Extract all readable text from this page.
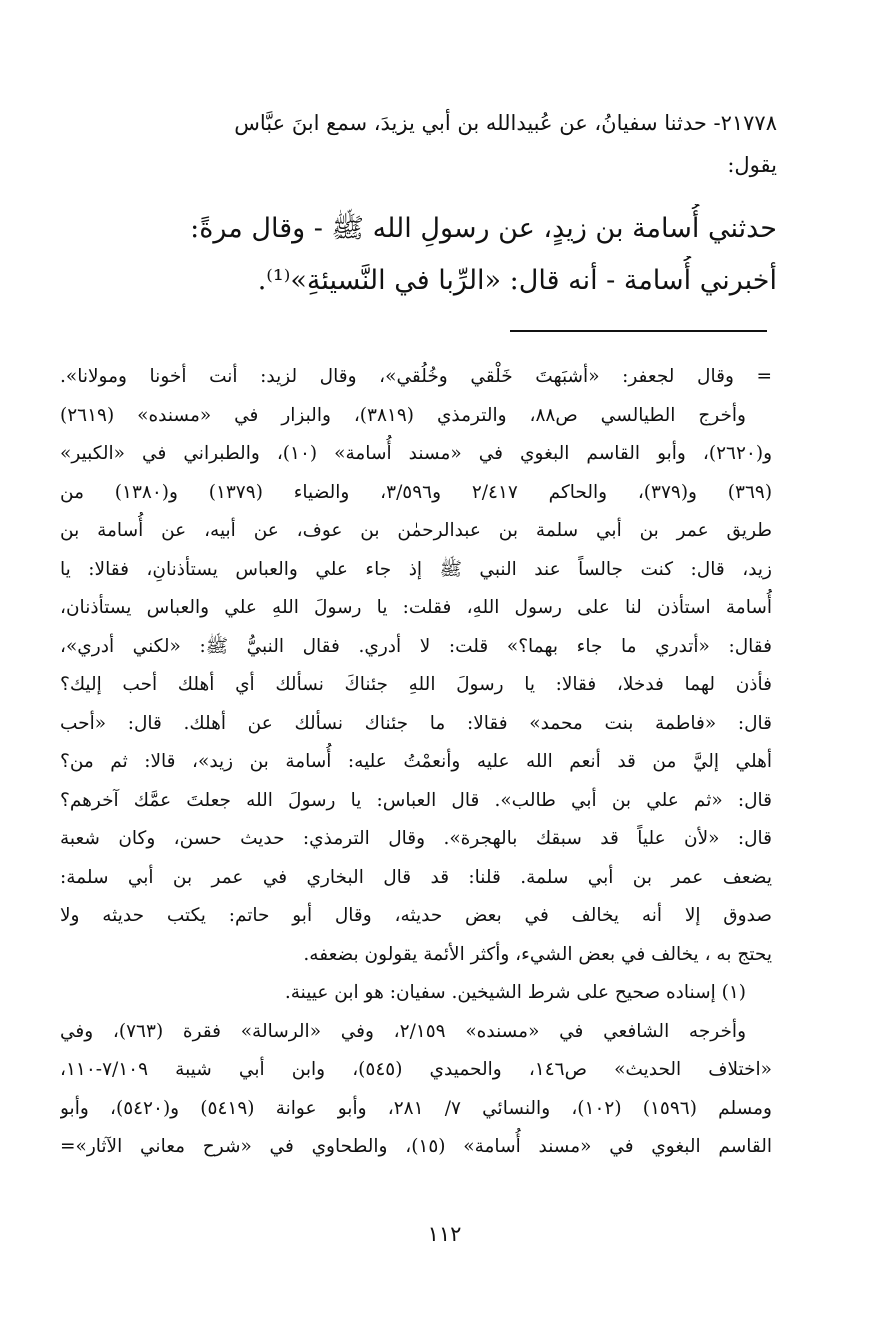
٢١٧٧٨- حدثنا سفيانُ، عن عُبيدالله بن أبي يزيدَ، سمع ابنَ عبَّاس
يقول:
حدثني أُسامة بن زيدٍ، عن رسولِ الله ﷺ - وقال مرةً:
أخبرني أُسامة - أنه قال: «الرِّبا في النَّسيئةِ»⁽¹⁾.
= وقال لجعفر: «أشبَهتَ خَلْقي وخُلُقي»، وقال لزيد: أنت أخونا ومولانا».
وأخرج الطيالسي ص٨٨، والترمذي (٣٨١٩)، والبزار في «مسنده» (٢٦١٩)
و(٢٦٢٠)، وأبو القاسم البغوي في «مسند أُسامة» (١٠)، والطبراني في «الكبير»
(٣٦٩) و(٣٧٩)، والحاكم ٢/٤١٧ و٣/٥٩٦، والضياء (١٣٧٩) و(١٣٨٠) من
طريق عمر بن أبي سلمة بن عبدالرحمٰن بن عوف، عن أبيه، عن أُسامة بن
زيد، قال: كنت جالساً عند النبي ﷺ إذ جاء علي والعباس يستأذنانِ، فقالا: يا
أُسامة استأذن لنا على رسول اللهِ، فقلت: يا رسولَ اللهِ علي والعباس يستأذنان،
فقال: «أتدري ما جاء بهما؟» قلت: لا أدري. فقال النبيُّ ﷺ: «لكني أدري»،
فأذن لهما فدخلا، فقالا: يا رسولَ اللهِ جئناكَ نسألك أي أهلك أحب إليك؟
قال: «فاطمة بنت محمد» فقالا: ما جئناك نسألك عن أهلك. قال: «أحب
أهلي إليَّ من قد أنعم الله عليه وأنعمْتُ عليه: أُسامة بن زيد»، قالا: ثم من؟
قال: «ثم علي بن أبي طالب». قال العباس: يا رسولَ الله جعلتَ عمَّك آخرهم؟
قال: «لأن علياً قد سبقك بالهجرة». وقال الترمذي: حديث حسن، وكان شعبة
يضعف عمر بن أبي سلمة. قلنا: قد قال البخاري في عمر بن أبي سلمة:
صدوق إلا أنه يخالف في بعض حديثه، وقال أبو حاتم: يكتب حديثه ولا
يحتج به ، يخالف في بعض الشيء، وأكثر الأئمة يقولون بضعفه.
(١) إسناده صحيح على شرط الشيخين. سفيان: هو ابن عيينة.
وأخرجه الشافعي في «مسنده» ٢/١٥٩، وفي «الرسالة» فقرة (٧٦٣)، وفي
«اختلاف الحديث» ص١٤٦، والحميدي (٥٤٥)، وابن أبي شيبة ٧/١٠٩-١١٠،
ومسلم (١٥٩٦) (١٠٢)، والنسائي ٧/ ٢٨١، وأبو عوانة (٥٤١٩) و(٥٤٢٠)، وأبو
القاسم البغوي في «مسند أُسامة» (١٥)، والطحاوي في «شرح معاني الآثار»=
١١٢
